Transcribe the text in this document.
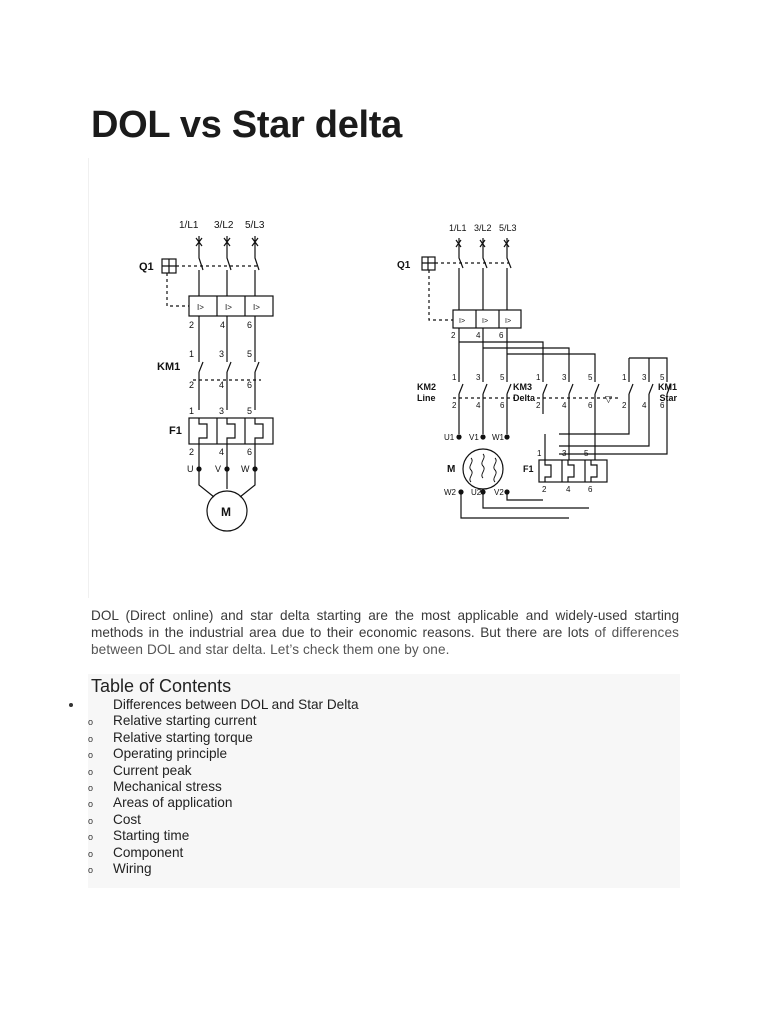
DOL vs Star delta
1/L1 3/L2 5/L3
Q1
I>	I>	I>
2	4 6
KM1
1	3	5
2	4	6
1	3	5
F1
2	4	6
U V W
M
1/L1 3/L2 5/L3
Q1
I> I> I>
2	4 6
KM2
Line
KM3
Delta
KM1
Star
1 3 5
2 4 6
1	3	5
2	4	6
▽
1 3 5
2 4 6
U1 V1 W1
M
W2 U2 V2
F1
1	3 5
2 4 6

DOL (Direct online) and star delta starting are the most applicable and widely-used starting methods in the industrial area due to their economic reasons. But there are lots of differences between DOL and star delta. Let’s check them one by one.

Table of Contents
Differences between DOL and Star Delta
o Relative starting current
o Relative starting torque
o Operating principle
o Current peak
o Mechanical stress
o Areas of application
o Cost
o Starting time
o Component
o Wiring
